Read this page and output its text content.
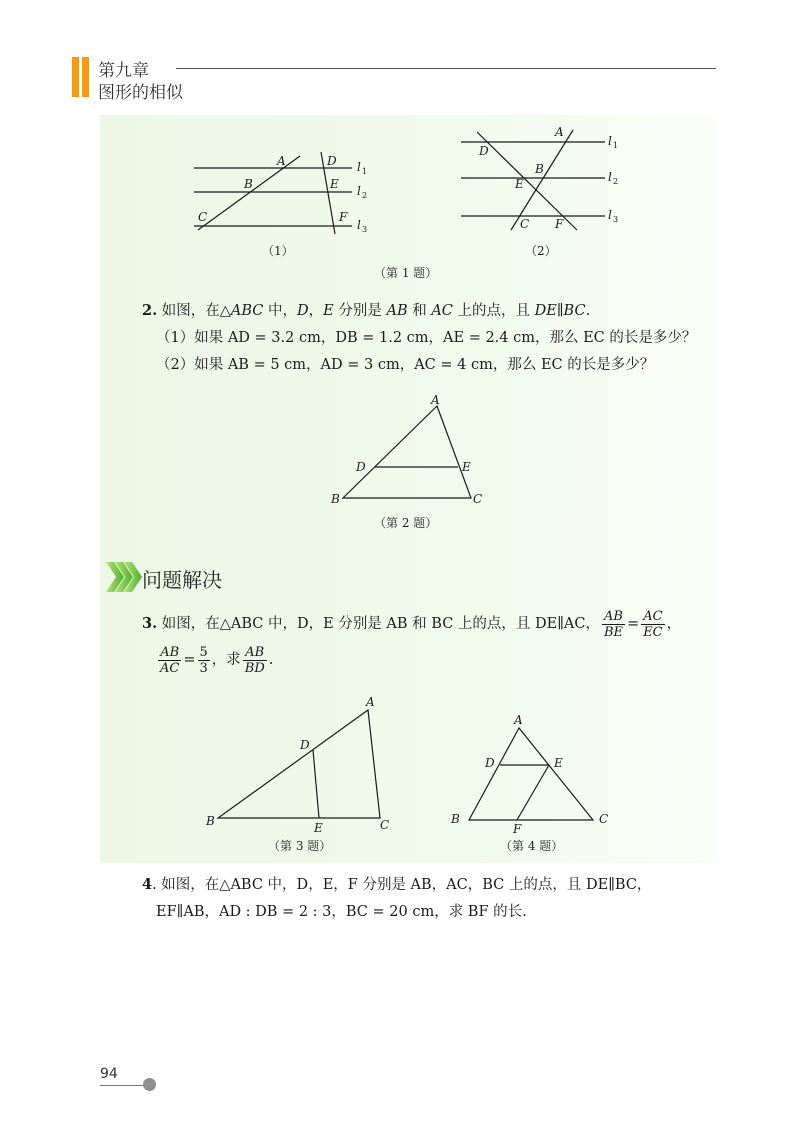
第九章
图形的相似
A
B
C
D
E
F
l 1
l 2
l 3
（1）
A
D
B
E
C F
l 1
l 2
l 3
（2）
（第 1 题）
2. 如图，在△ABC 中，D，E 分别是 AB 和 AC 上的点，且 DE∥BC.
（1）如果 AD = 3.2 cm，DB = 1.2 cm，AE = 2.4 cm，那么 EC 的长是多少？
（2）如果 AB = 5 cm，AD = 3 cm，AC = 4 cm，那么 EC 的长是多少？
A
D	E
B	C
（第 2 题）
问题解决
3. 如图，在△ABC 中，D，E 分别是 AB 和 BC 上的点，且 DE∥AC， $\frac{AB}{BE} = \frac{AC}{EC}$ ，
$\frac{AB}{AC} = \frac{5}{3}$ ，求 $\frac{AB}{BD}$ .
A
D
B	E	C
（第 3 题）
A
D	E
B
F
C
（第 4 题）
4. 如图，在△ABC 中，D，E，F 分别是 AB，AC，BC 上的点，且 DE∥BC，
EF∥AB，AD : DB = 2 : 3，BC = 20 cm，求 BF 的长.
94
